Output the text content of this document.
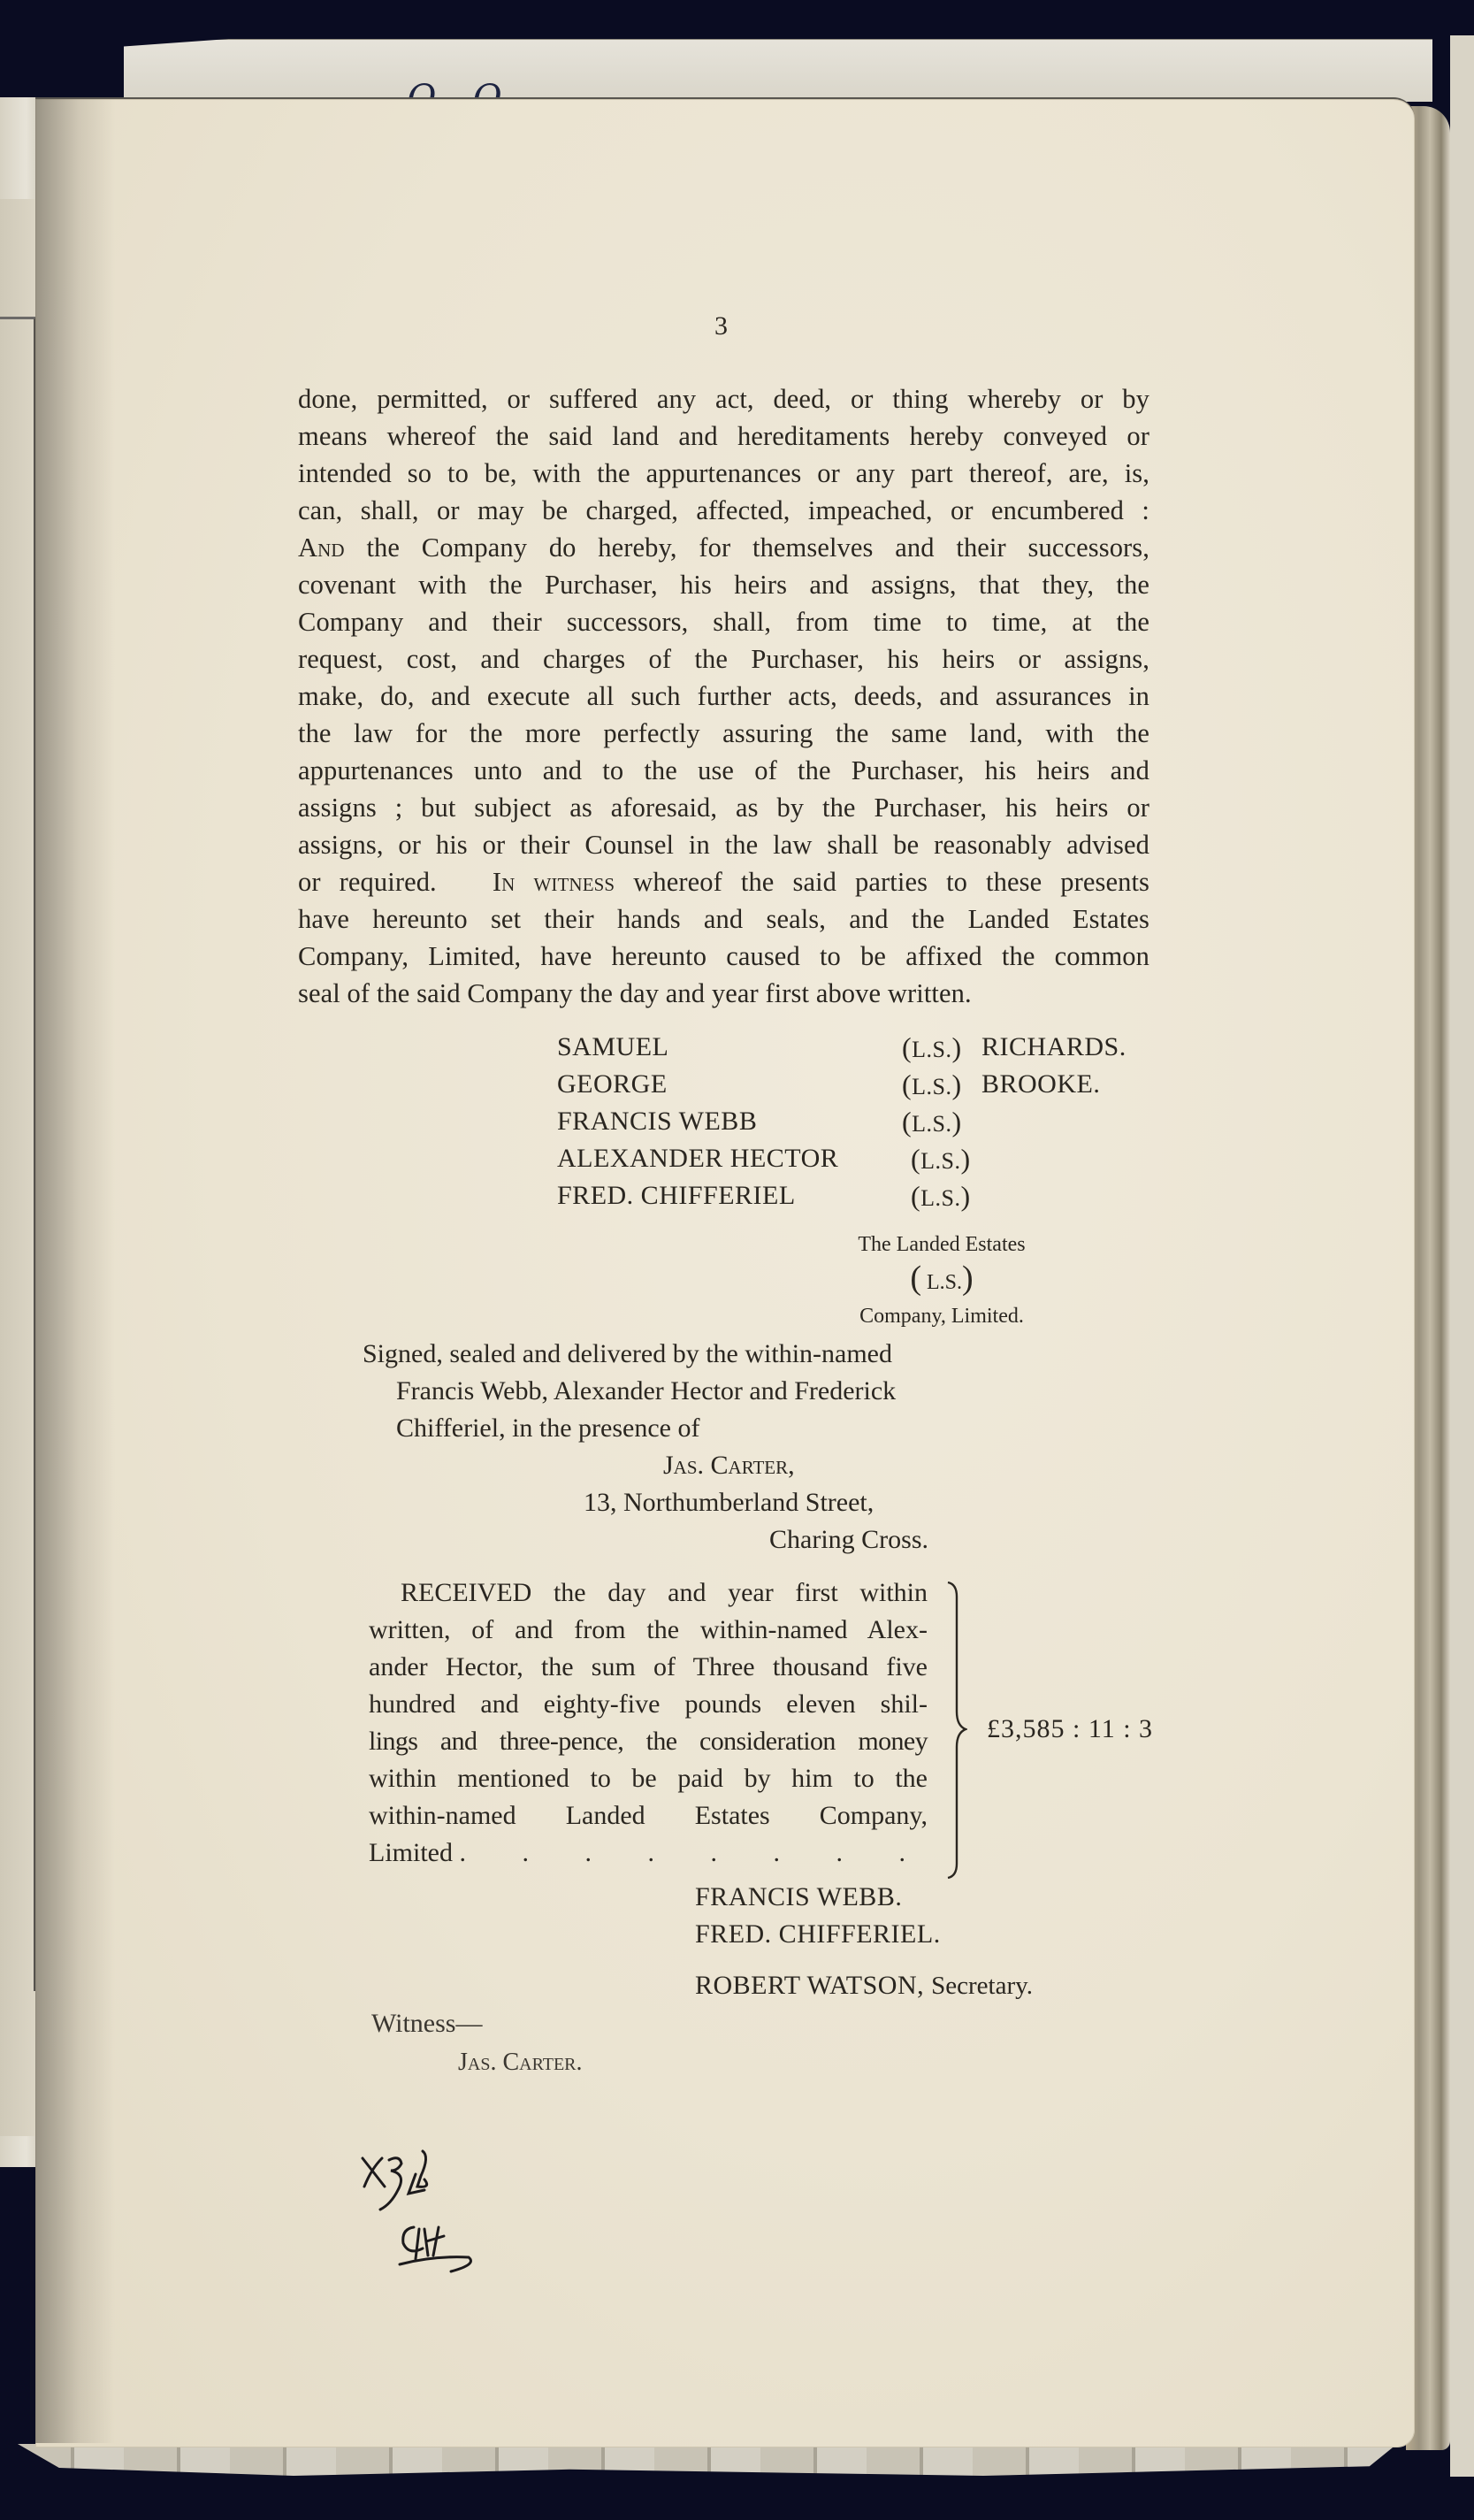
3
done, permitted, or suffered any act, deed, or thing whereby or by
means whereof the said land and hereditaments hereby conveyed or
intended so to be, with the appurtenances or any part thereof, are, is,
can, shall, or may be charged, affected, impeached, or encumbered :
And the Company do hereby, for themselves and their successors,
covenant with the Purchaser, his heirs and assigns, that they, the
Company and their successors, shall, from time to time, at the
request, cost, and charges of the Purchaser, his heirs or assigns,
make, do, and execute all such further acts, deeds, and assurances in
the law for the more perfectly assuring the same land, with the
appurtenances unto and to the use of the Purchaser, his heirs and
assigns ; but subject as aforesaid, as by the Purchaser, his heirs or
assigns, or his or their Counsel in the law shall be reasonably advised
or required. In witness whereof the said parties to these presents
have hereunto set their hands and seals, and the Landed Estates
Company, Limited, have hereunto caused to be affixed the common
seal of the said Company the day and year first above written.
SAMUEL	(L.S.) RICHARDS.
GEORGE	(L.S.) BROOKE.
FRANCIS WEBB	(L.S.)
ALEXANDER HECTOR	(L.S.)
FRED. CHIFFERIEL	(L.S.)
The Landed Estates
( L.S.)
Company, Limited.
Signed, sealed and delivered by the within-named
Francis Webb, Alexander Hector and Frederick
Chifferiel, in the presence of
Jas. Carter,
13, Northumberland Street,
Charing Cross.
RECEIVED the day and year first within
written, of and from the within-named Alex-
ander Hector, the sum of Three thousand five
hundred and eighty-five pounds eleven shil-
lings and three-pence, the consideration money
within mentioned to be paid by him to the
within-named Landed Estates Company,
Limited . . . . . . . .
£3,585 : 11 : 3
FRANCIS WEBB.
FRED. CHIFFERIEL.
ROBERT WATSON, Secretary.
Witness—
Jas. Carter.
